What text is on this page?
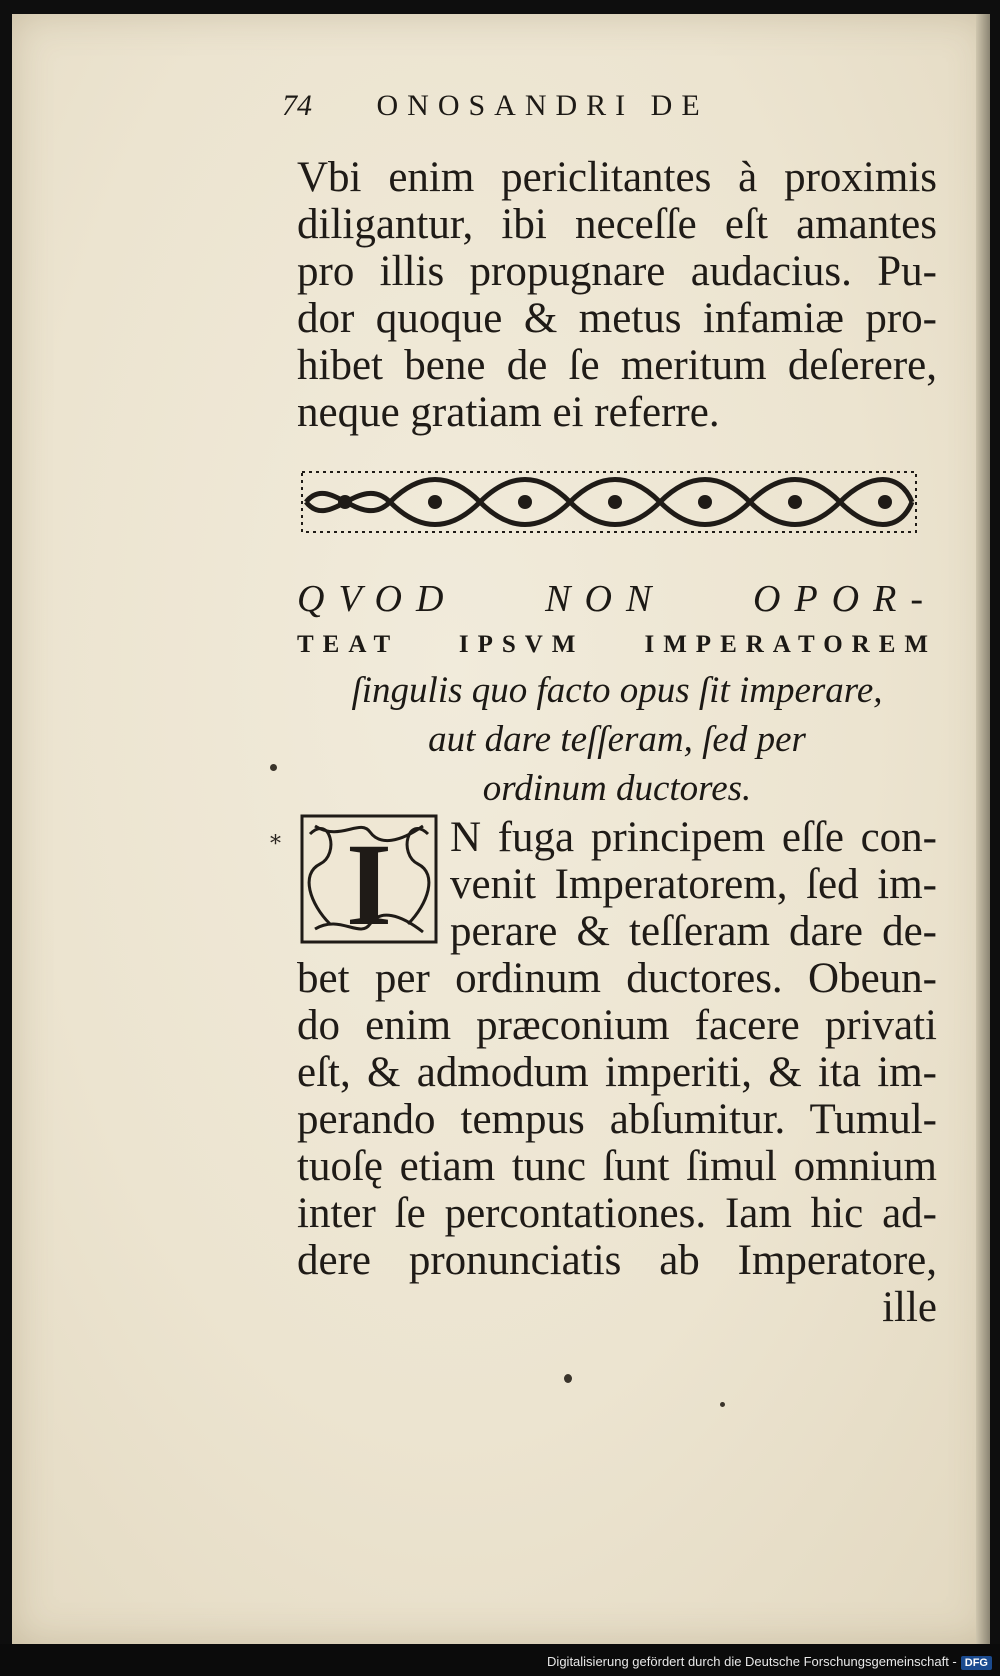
74 ONOSANDRI DE
Vbi enim periclitantes à proximis
diligantur, ibi neceſſe eſt amantes
pro illis propugnare audacius. Pu-
dor quoque & metus infamiæ pro-
hibet bene de ſe meritum deſerere,
neque gratiam ei referre.
QVOD NON OPOR-
TEAT IPSVM IMPERATOREM
ſingulis quo facto opus ſit imperare,
aut dare teſſeram, ſed per
ordinum ductores.
* I N fuga principem eſſe con-
venit Imperatorem, ſed im-
perare & teſſeram dare de-
bet per ordinum ductores. Obeun-
do enim præconium facere privati
eſt, & admodum imperiti, & ita im-
perando tempus abſumitur. Tumul-
tuoſę etiam tunc ſunt ſimul omnium
inter ſe percontationes. Iam hic ad-
dere pronunciatis ab Imperatore,
ille
Digitalisierung gefördert durch die Deutsche Forschungsgemeinschaft - DFG
